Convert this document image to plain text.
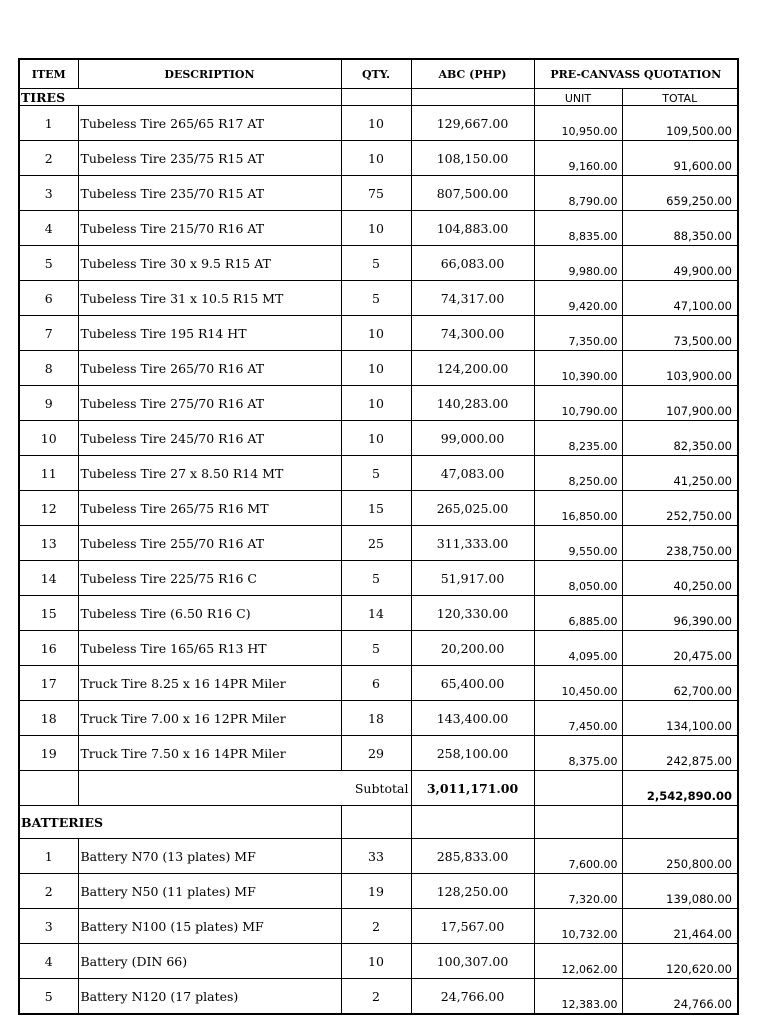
ITEM	DESCRIPTION	QTY.	ABC (PHP)	PRE-CANVASS QUOTATION	
TIRES				UNIT	TOTAL
1	Tubeless Tire 265/65 R17 AT	10	129,667.00	10,950.00	109,500.00
2	Tubeless Tire 235/75 R15 AT	10	108,150.00	9,160.00	91,600.00
3	Tubeless Tire 235/70 R15 AT	75	807,500.00	8,790.00	659,250.00
4	Tubeless Tire 215/70 R16 AT	10	104,883.00	8,835.00	88,350.00
5	Tubeless Tire 30 x 9.5 R15 AT	5	66,083.00	9,980.00	49,900.00
6	Tubeless Tire 31 x 10.5 R15 MT	5	74,317.00	9,420.00	47,100.00
7	Tubeless Tire 195 R14 HT	10	74,300.00	7,350.00	73,500.00
8	Tubeless Tire 265/70 R16 AT	10	124,200.00	10,390.00	103,900.00
9	Tubeless Tire 275/70 R16 AT	10	140,283.00	10,790.00	107,900.00
10	Tubeless Tire 245/70 R16 AT	10	99,000.00	8,235.00	82,350.00
11	Tubeless Tire 27 x 8.50 R14 MT	5	47,083.00	8,250.00	41,250.00
12	Tubeless Tire 265/75 R16 MT	15	265,025.00	16,850.00	252,750.00
13	Tubeless Tire 255/70 R16 AT	25	311,333.00	9,550.00	238,750.00
14	Tubeless Tire 225/75 R16 C	5	51,917.00	8,050.00	40,250.00
15	Tubeless Tire (6.50 R16 C)	14	120,330.00	6,885.00	96,390.00
16	Tubeless Tire 165/65 R13 HT	5	20,200.00	4,095.00	20,475.00
17	Truck Tire 8.25 x 16 14PR Miler	6	65,400.00	10,450.00	62,700.00
18	Truck Tire 7.00 x 16 12PR Miler	18	143,400.00	7,450.00	134,100.00
19	Truck Tire 7.50 x 16 14PR Miler	29	258,100.00	8,375.00	242,875.00
	Subtotal		3,011,171.00		2,542,890.00
BATTERIES					
1	Battery N70 (13 plates) MF	33	285,833.00	7,600.00	250,800.00
2	Battery N50 (11 plates) MF	19	128,250.00	7,320.00	139,080.00
3	Battery N100 (15 plates) MF	2	17,567.00	10,732.00	21,464.00
4	Battery (DIN 66)	10	100,307.00	12,062.00	120,620.00
5	Battery N120 (17 plates)	2	24,766.00	12,383.00	24,766.00
